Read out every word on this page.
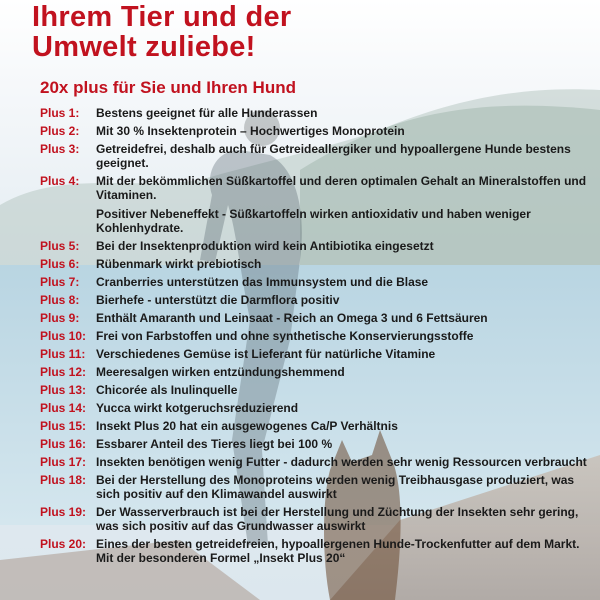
Ihrem Tier und der
Umwelt zuliebe!
20x plus für Sie und Ihren Hund
Plus 1:	Bestens geeignet für alle Hunderassen
Plus 2:	Mit 30 % Insektenprotein – Hochwertiges Monoprotein
Plus 3:	Getreidefrei, deshalb auch für Getreideallergiker und hypoallergene Hunde bestens geeignet.
Plus 4:	Mit der bekömmlichen Süßkartoffel und deren optimalen Gehalt an Mineralstoffen und Vitaminen.
Positiver Nebeneffekt - Süßkartoffeln wirken antioxidativ und haben weniger Kohlenhydrate.
Plus 5:	Bei der Insektenproduktion wird kein Antibiotika eingesetzt
Plus 6:	Rübenmark wirkt prebiotisch
Plus 7:	Cranberries unterstützen das Immunsystem und die Blase
Plus 8:	Bierhefe - unterstützt die Darmflora positiv
Plus 9:	Enthält Amaranth und Leinsaat - Reich an Omega 3 und 6 Fettsäuren
Plus 10: Frei von Farbstoffen und ohne synthetische Konservierungsstoffe
Plus 11: Verschiedenes Gemüse ist Lieferant für natürliche Vitamine
Plus 12: Meeresalgen wirken entzündungshemmend
Plus 13: Chicorée als Inulinquelle
Plus 14: Yucca wirkt kotgeruchsreduzierend
Plus 15: Insekt Plus 20 hat ein ausgewogenes Ca/P Verhältnis
Plus 16: Essbarer Anteil des Tieres liegt bei 100 %
Plus 17: Insekten benötigen wenig Futter - dadurch werden sehr wenig Ressourcen verbraucht
Plus 18: Bei der Herstellung des Monoproteins werden wenig Treibhausgase produziert, was sich positiv auf den Klimawandel auswirkt
Plus 19: Der Wasserverbrauch ist bei der Herstellung und Züchtung der Insekten sehr gering, was sich positiv auf das Grundwasser auswirkt
Plus 20: Eines der besten getreidefreien, hypoallergenen Hunde-Trockenfutter auf dem Markt. Mit der besonderen Formel „Insekt Plus 20“
